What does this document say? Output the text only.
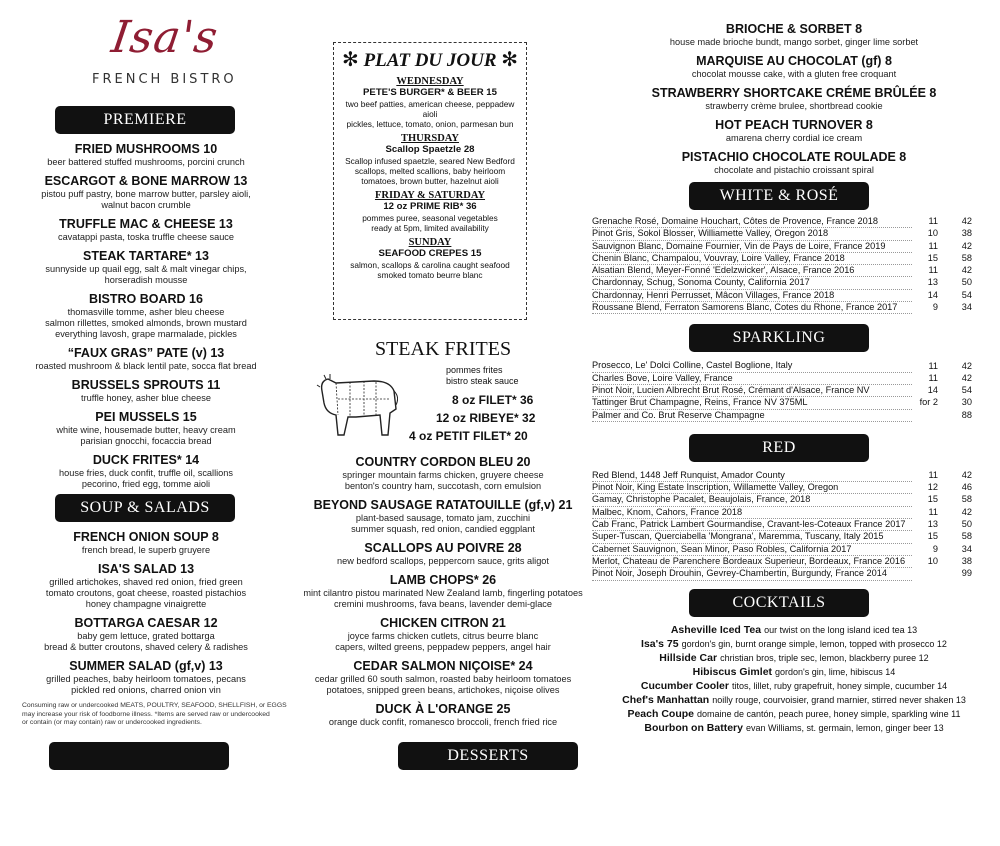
Isa's
FRENCH BISTRO
PREMIERE
FRIED MUSHROOMS 10
beer battered stuffed mushrooms, porcini crunch
ESCARGOT & BONE MARROW 13
pistou puff pastry, bone marrow butter, parsley aioli,
walnut bacon crumble
TRUFFLE MAC & CHEESE 13
cavatappi pasta, toska truffle cheese sauce
STEAK TARTARE* 13
sunnyside up quail egg, salt & malt vinegar chips,
horseradish mousse
BISTRO BOARD 16
thomasville tomme, asher bleu cheese
salmon rillettes, smoked almonds, brown mustard
everything lavosh, grape marmalade, pickles
“FAUX GRAS” PATE (v) 13
roasted mushroom & black lentil pate, socca flat bread
BRUSSELS SPROUTS 11
truffle honey, asher blue cheese
PEI MUSSELS 15
white wine, housemade butter, heavy cream
parisian gnocchi, focaccia bread
DUCK FRITES* 14
house fries, duck confit, truffle oil, scallions
pecorino, fried egg, tomme aioli
SOUP & SALADS
FRENCH ONION SOUP 8
french bread, le superb gruyere
ISA'S SALAD 13
grilled artichokes, shaved red onion, fried green
tomato croutons, goat cheese, roasted pistachios
honey champagne vinaigrette
BOTTARGA CAESAR 12
baby gem lettuce, grated bottarga
bread & butter croutons, shaved celery & radishes
SUMMER SALAD (gf,v) 13
grilled peaches, baby heirloom tomatoes, pecans
pickled red onions, charred onion vin
Consuming raw or undercooked MEATS, POULTRY, SEAFOOD, SHELLFISH, or EGGS
may increase your risk of foodborne illness. *Items are served raw or undercooked
or contain (or may contain) raw or undercooked ingredients.
✻ PLAT DU JOUR ✻
WEDNESDAY
PETE'S BURGER* & BEER 15
two beef patties, american cheese, peppadew aioli
pickles, lettuce, tomato, onion, parmesan bun
THURSDAY
Scallop Spaetzle 28
Scallop infused spaetzle, seared New Bedford
scallops, melted scallions, baby heirloom
tomatoes, brown butter, hazelnut aioli
FRIDAY & SATURDAY
12 oz PRIME RIB* 36
pommes puree, seasonal vegetables
ready at 5pm, limited availability
SUNDAY
SEAFOOD CREPES 15
salmon, scallops & carolina caught seafood
smoked tomato beurre blanc
STEAK FRITES
pommes frites
bistro steak sauce
8 oz FILET* 36
12 oz RIBEYE* 32
4 oz PETIT FILET* 20
COUNTRY CORDON BLEU 20
springer mountain farms chicken, gruyere cheese
benton's country ham, succotash, corn emulsion
BEYOND SAUSAGE RATATOUILLE (gf,v) 21
plant-based sausage, tomato jam, zucchini
summer squash, red onion, candied eggplant
SCALLOPS AU POIVRE 28
new bedford scallops, peppercorn sauce, grits aligot
LAMB CHOPS* 26
mint cilantro pistou marinated New Zealand lamb, fingerling potatoes
cremini mushrooms, fava beans, lavender demi-glace
CHICKEN CITRON 21
joyce farms chicken cutlets, citrus beurre blanc
capers, wilted greens, peppadew peppers, angel hair
CEDAR SALMON NIÇOISE* 24
cedar grilled 60 south salmon, roasted baby heirloom tomatoes
potatoes, snipped green beans, artichokes, niçoise olives
DUCK À L'ORANGE 25
orange duck confit, romanesco broccoli, french fried rice
DESSERTS
BRIOCHE & SORBET 8
house made brioche bundt, mango sorbet, ginger lime sorbet
MARQUISE AU CHOCOLAT (gf) 8
chocolat mousse cake, with a gluten free croquant
STRAWBERRY SHORTCAKE CRÉME BRÛLÉE 8
strawberry crème brulee, shortbread cookie
HOT PEACH TURNOVER 8
amarena cherry cordial ice cream
PISTACHIO CHOCOLATE ROULADE 8
chocolate and pistachio croissant spiral
WHITE & ROSÉ
Grenache Rosé, Domaine Houchart, Côtes de Provence, France 2018	11	42
Pinot Gris, Sokol Blosser, Williamette Valley, Oregon 2018	10	38
Sauvignon Blanc, Domaine Fournier, Vin de Pays de Loire, France 2019	11	42
Chenin Blanc, Champalou, Vouvray, Loire Valley, France 2018	15	58
Alsatian Blend, Meyer-Fonné 'Edelzwicker', Alsace, France 2016	11	42
Chardonnay, Schug, Sonoma County, California 2017	13	50
Chardonnay, Henri Perrusset, Mâcon Villages, France 2018	14	54
Roussane Blend, Ferraton Samorens Blanc, Cotes du Rhone, France 2017	9	34
SPARKLING
Prosecco, Le' Dolci Colline, Castel Boglione, Italy	11	42
Charles Bove, Loire Valley, France	11	42
Pinot Noir, Lucien Albrecht Brut Rosé, Crémant d'Alsace, France NV	14	54
Tattinger Brut Champagne, Reins, France NV 375ML	for 2	30
Palmer and Co. Brut Reserve Champagne		88
RED
Red Blend, 1448 Jeff Runquist, Amador County	11	42
Pinot Noir, King Estate Inscription, Willamette Valley, Oregon	12	46
Gamay, Christophe Pacalet, Beaujolais, France, 2018	15	58
Malbec, Knom, Cahors, France 2018	11	42
Cab Franc, Patrick Lambert Gourmandise, Cravant-les-Coteaux France 2017	13	50
Super-Tuscan, Querciabella 'Mongrana', Maremma, Tuscany, Italy 2015	15	58
Cabernet Sauvignon, Sean Minor, Paso Robles, California 2017	9	34
Merlot, Chateau de Parenchere Bordeaux Superieur, Bordeaux, France 2016	10	38
Pinot Noir, Joseph Drouhin, Gevrey-Chambertin, Burgundy, France 2014		99
COCKTAILS
Asheville Iced Tea our twist on the long island iced tea 13
Isa's 75 gordon's gin, burnt orange simple, lemon, topped with prosecco 12
Hillside Car christian bros, triple sec, lemon, blackberry puree 12
Hibiscus Gimlet gordon's gin, lime, hibiscus 14
Cucumber Cooler titos, lillet, ruby grapefruit, honey simple, cucumber 14
Chef's Manhattan noilly rouge, courvoisier, grand marnier, stirred never shaken 13
Peach Coupe domaine de cantón, peach puree, honey simple, sparkling wine 11
Bourbon on Battery evan Williams, st. germain, lemon, ginger beer 13
